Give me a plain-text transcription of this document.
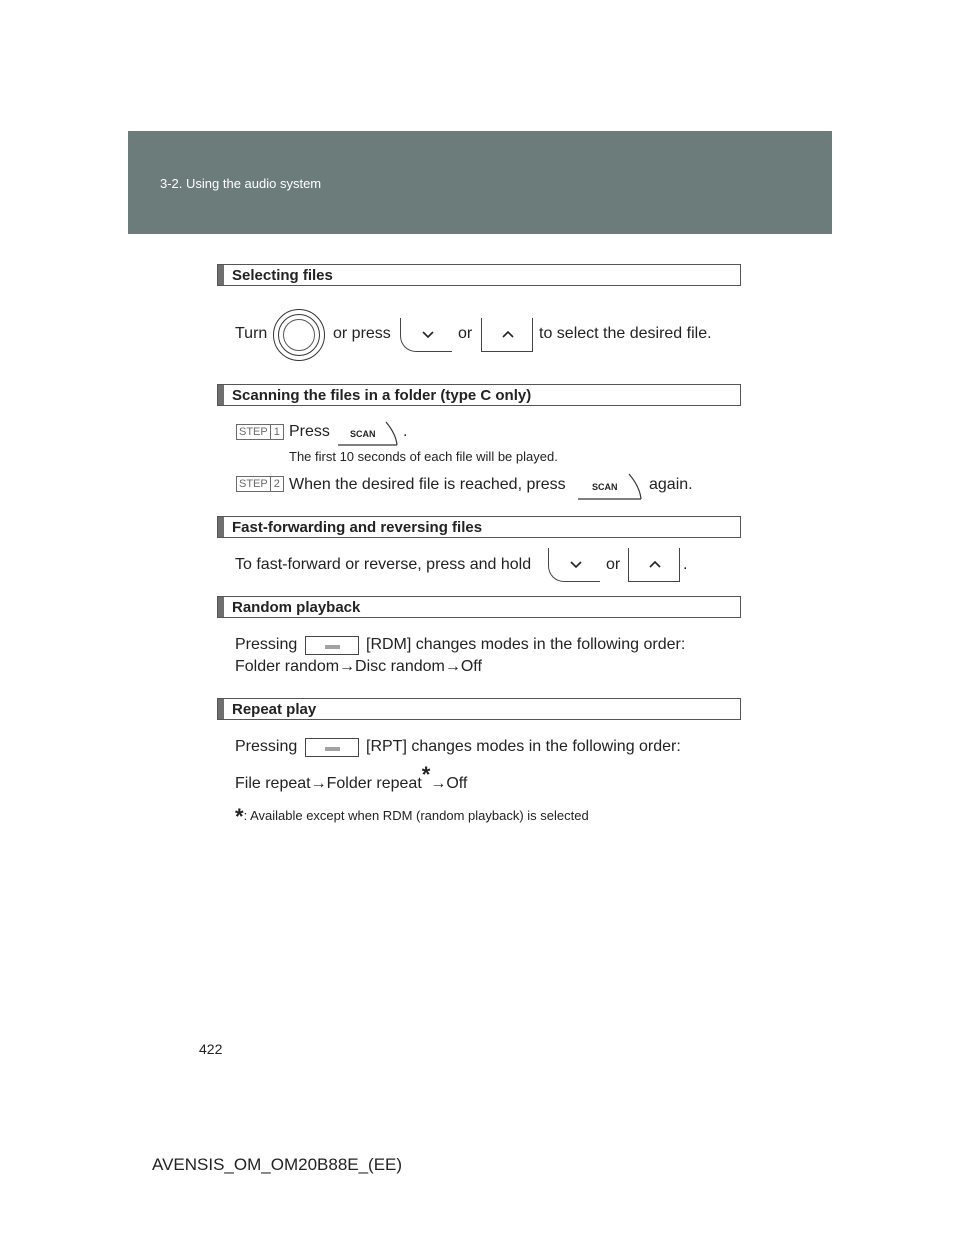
3-2. Using the audio system
Selecting files
Turn	or press	or	to select the desired file.
Scanning the files in a folder (type C only)
STEP 1 Press SCAN .
The first 10 seconds of each file will be played.
STEP 2 When the desired file is reached, press	SCAN again.
Fast-forwarding and reversing files
To fast-forward or reverse, press and hold	or	.
Random playback
Pressing	[RDM] changes modes in the following order:
Folder random→Disc random→Off
Repeat play
Pressing	[RPT] changes modes in the following order:
File repeat→Folder repeat*→Off
*: Available except when RDM (random playback) is selected
422
AVENSIS_OM_OM20B88E_(EE)
